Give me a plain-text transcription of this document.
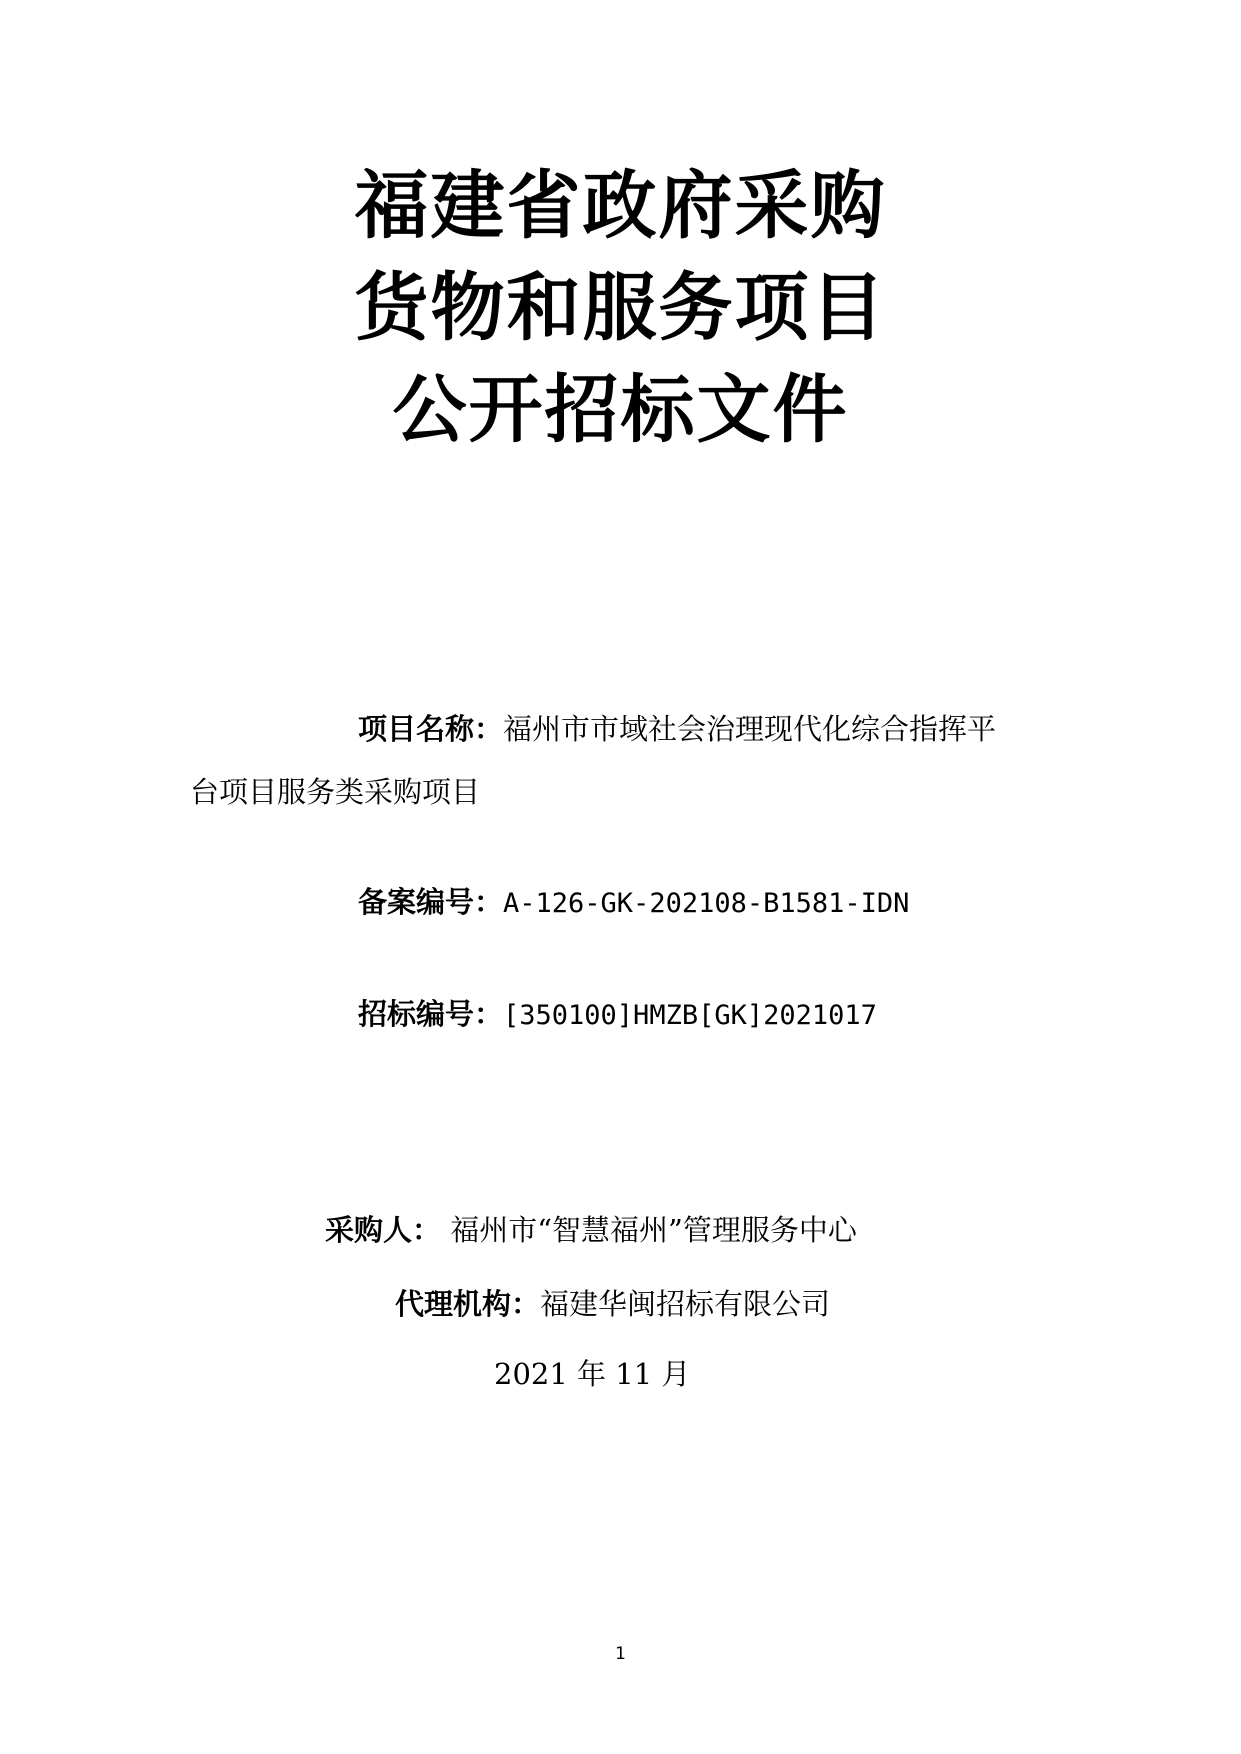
福建省政府采购
货物和服务项目
公开招标文件
项目名称：福州市市域社会治理现代化综合指挥平
台项目服务类采购项目
备案编号：A-126-GK-202108-B1581-IDN
招标编号：[350100]HMZB[GK]2021017
采购人： 福州市“智慧福州”管理服务中心
代理机构：福建华闽招标有限公司
2021 年 11 月
1
